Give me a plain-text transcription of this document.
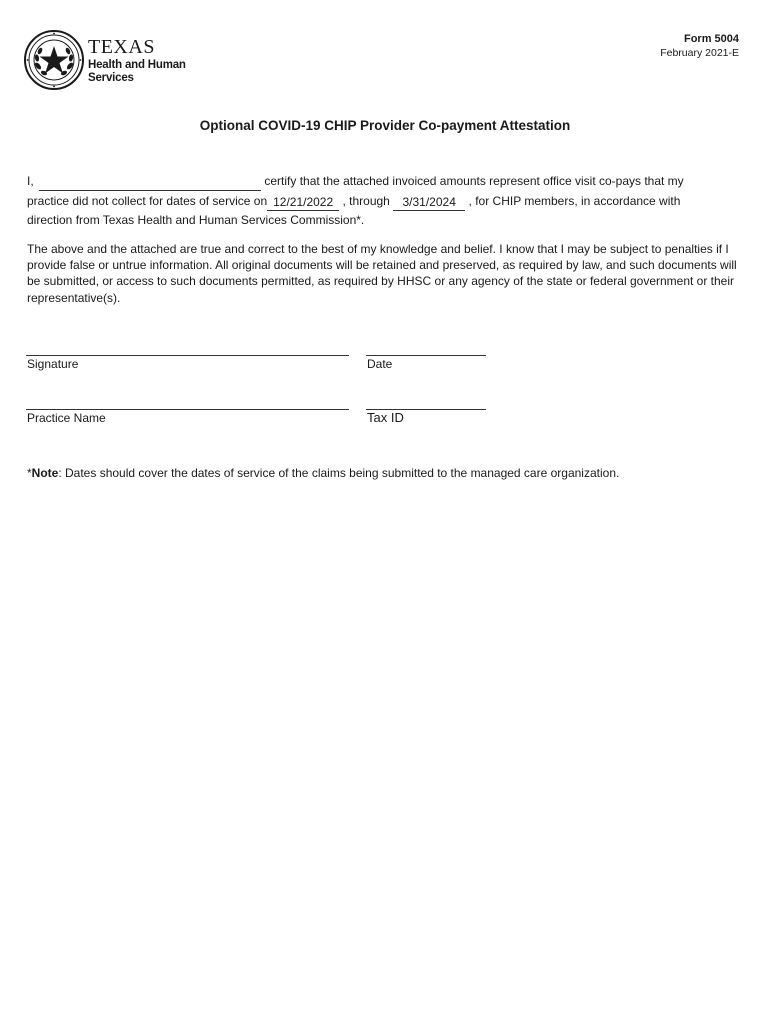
TEXAS
Health and Human
Services
Form 5004
February 2021-E
Optional COVID-19 CHIP Provider Co-payment Attestation
I,	certify that the attached invoiced amounts represent office visit co-pays that my
practice did not collect for dates of service on 12/21/2022 , through 3/31/2024 , for CHIP members, in accordance with
direction from Texas Health and Human Services Commission*.
The above and the attached are true and correct to the best of my knowledge and belief. I know that I may be subject to penalties if I provide false or untrue information. All original documents will be retained and preserved, as required by law, and such documents will be submitted, or access to such documents permitted, as required by HHSC or any agency of the state or federal government or their representative(s).
Signature	Date
Practice Name	Tax ID
*Note: Dates should cover the dates of service of the claims being submitted to the managed care organization.
